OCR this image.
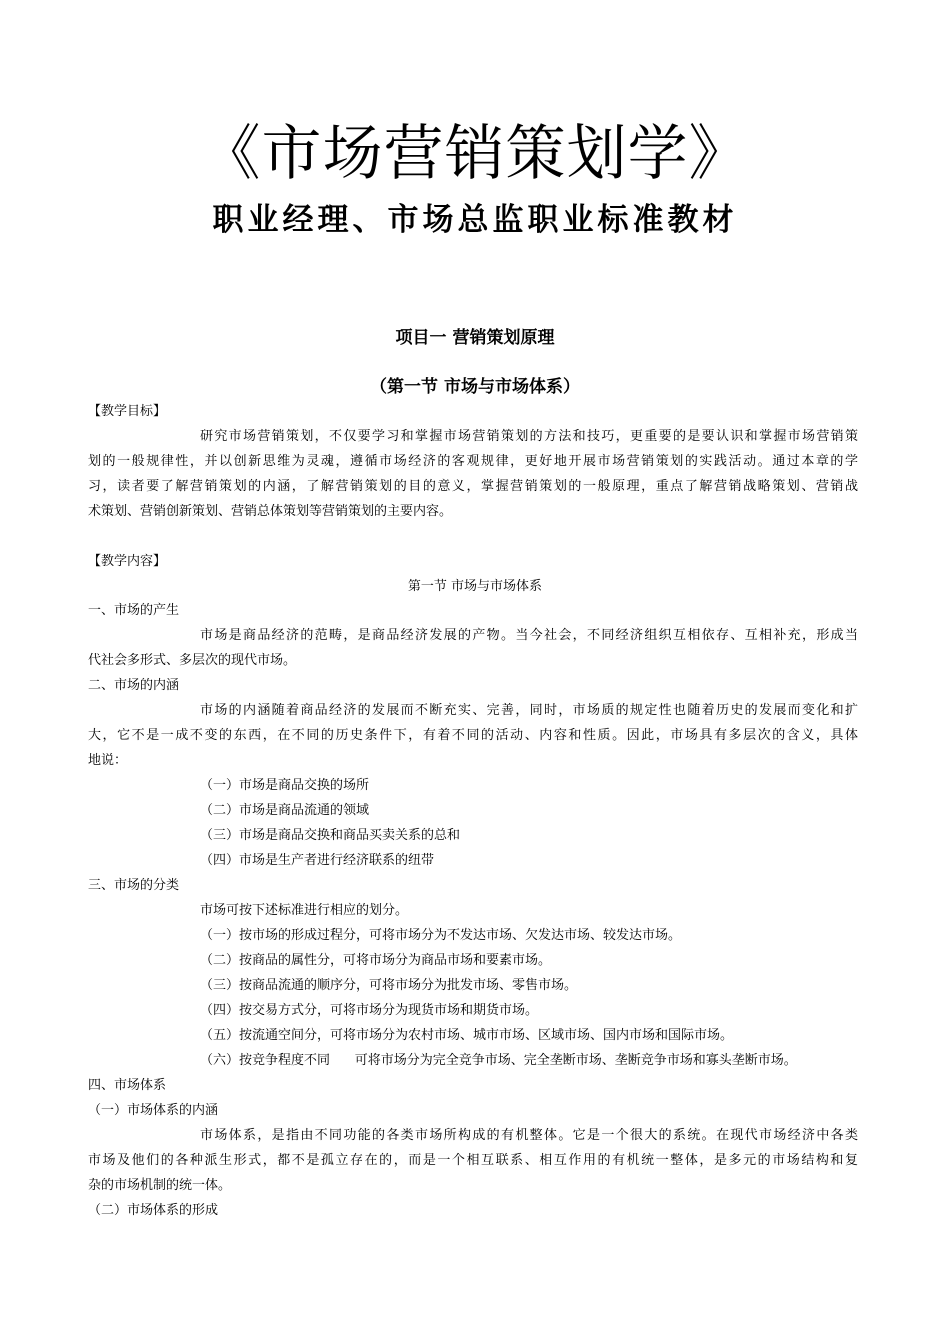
《市场营销策划学》
职业经理、市场总监职业标准教材
项目一 营销策划原理
（第一节 市场与市场体系）
【教学目标】
研究市场营销策划，不仅要学习和掌握市场营销策划的方法和技巧，更重要的是要认识和掌握市场营销策
划的一般规律性，并以创新思维为灵魂，遵循市场经济的客观规律，更好地开展市场营销策划的实践活动。通过本章的学
习，读者要了解营销策划的内涵，了解营销策划的目的意义，掌握营销策划的一般原理，重点了解营销战略策划、营销战
术策划、营销创新策划、营销总体策划等营销策划的主要内容。
【教学内容】
第一节 市场与市场体系
一、市场的产生
市场是商品经济的范畴，是商品经济发展的产物。当今社会，不同经济组织互相依存、互相补充，形成当
代社会多形式、多层次的现代市场。
二、市场的内涵
市场的内涵随着商品经济的发展而不断充实、完善，同时，市场质的规定性也随着历史的发展而变化和扩
大，它不是一成不变的东西，在不同的历史条件下，有着不同的活动、内容和性质。因此，市场具有多层次的含义，具体
地说：
（一）市场是商品交换的场所
（二）市场是商品流通的领域
（三）市场是商品交换和商品买卖关系的总和
（四）市场是生产者进行经济联系的纽带
三、市场的分类
市场可按下述标准进行相应的划分。
（一）按市场的形成过程分，可将市场分为不发达市场、欠发达市场、较发达市场。
（二）按商品的属性分，可将市场分为商品市场和要素市场。
（三）按商品流通的顺序分，可将市场分为批发市场、零售市场。
（四）按交易方式分，可将市场分为现货市场和期货市场。
（五）按流通空间分，可将市场分为农村市场、城市市场、区域市场、国内市场和国际市场。
（六）按竞争程度不同      可将市场分为完全竞争市场、完全垄断市场、垄断竞争市场和寡头垄断市场。
四、市场体系
（一）市场体系的内涵
市场体系，是指由不同功能的各类市场所构成的有机整体。它是一个很大的系统。在现代市场经济中各类
市场及他们的各种派生形式，都不是孤立存在的，而是一个相互联系、相互作用的有机统一整体，是多元的市场结构和复
杂的市场机制的统一体。
（二）市场体系的形成
